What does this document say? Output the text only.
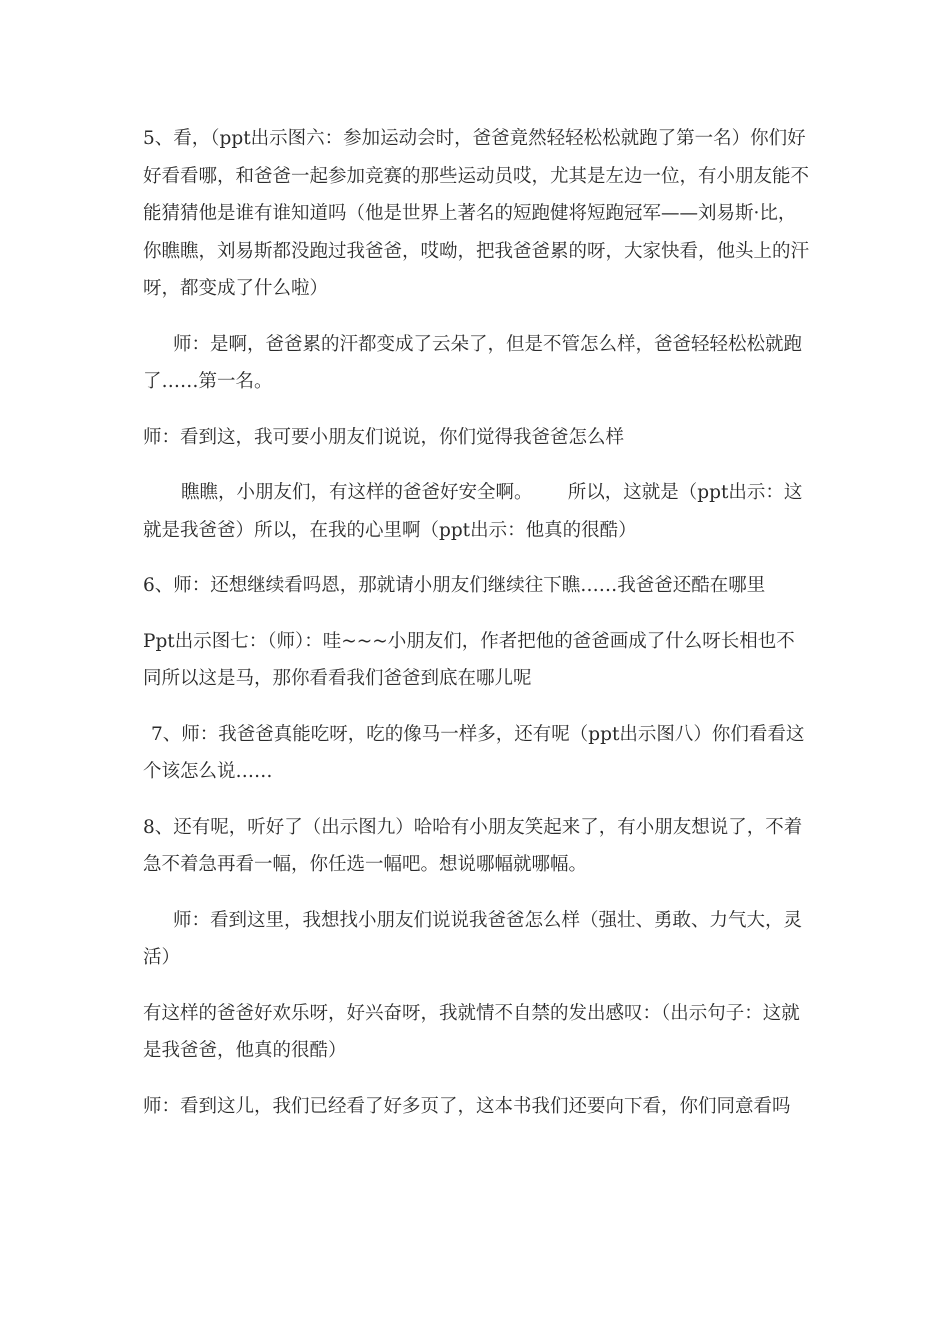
5、看，（ppt出示图六：参加运动会时，爸爸竟然轻轻松松就跑了第一名）你们好好看看哪，和爸爸一起参加竞赛的那些运动员哎，尤其是左边一位，有小朋友能不能猜猜他是谁有谁知道吗（他是世界上著名的短跑健将短跑冠军——刘易斯·比，你瞧瞧，刘易斯都没跑过我爸爸，哎呦，把我爸爸累的呀，大家快看，他头上的汗呀，都变成了什么啦）

师：是啊，爸爸累的汗都变成了云朵了，但是不管怎么样，爸爸轻轻松松就跑了……第一名。

师：看到这，我可要小朋友们说说，你们觉得我爸爸怎么样

瞧瞧，小朋友们，有这样的爸爸好安全啊。      所以，这就是（ppt出示：这就是我爸爸）所以，在我的心里啊（ppt出示：他真的很酷）

6、师：还想继续看吗恩，那就请小朋友们继续往下瞧……我爸爸还酷在哪里

Ppt出示图七：（师）：哇~~~小朋友们，作者把他的爸爸画成了什么呀长相也不同所以这是马，那你看看我们爸爸到底在哪儿呢

7、师：我爸爸真能吃呀，吃的像马一样多，还有呢（ppt出示图八）你们看看这个该怎么说……

8、还有呢，听好了（出示图九）哈哈有小朋友笑起来了，有小朋友想说了，不着急不着急再看一幅，你任选一幅吧。想说哪幅就哪幅。

师：看到这里，我想找小朋友们说说我爸爸怎么样（强壮、勇敢、力气大，灵活）

有这样的爸爸好欢乐呀，好兴奋呀，我就情不自禁的发出感叹：（出示句子：这就是我爸爸，他真的很酷）

师：看到这儿，我们已经看了好多页了，这本书我们还要向下看，你们同意看吗
